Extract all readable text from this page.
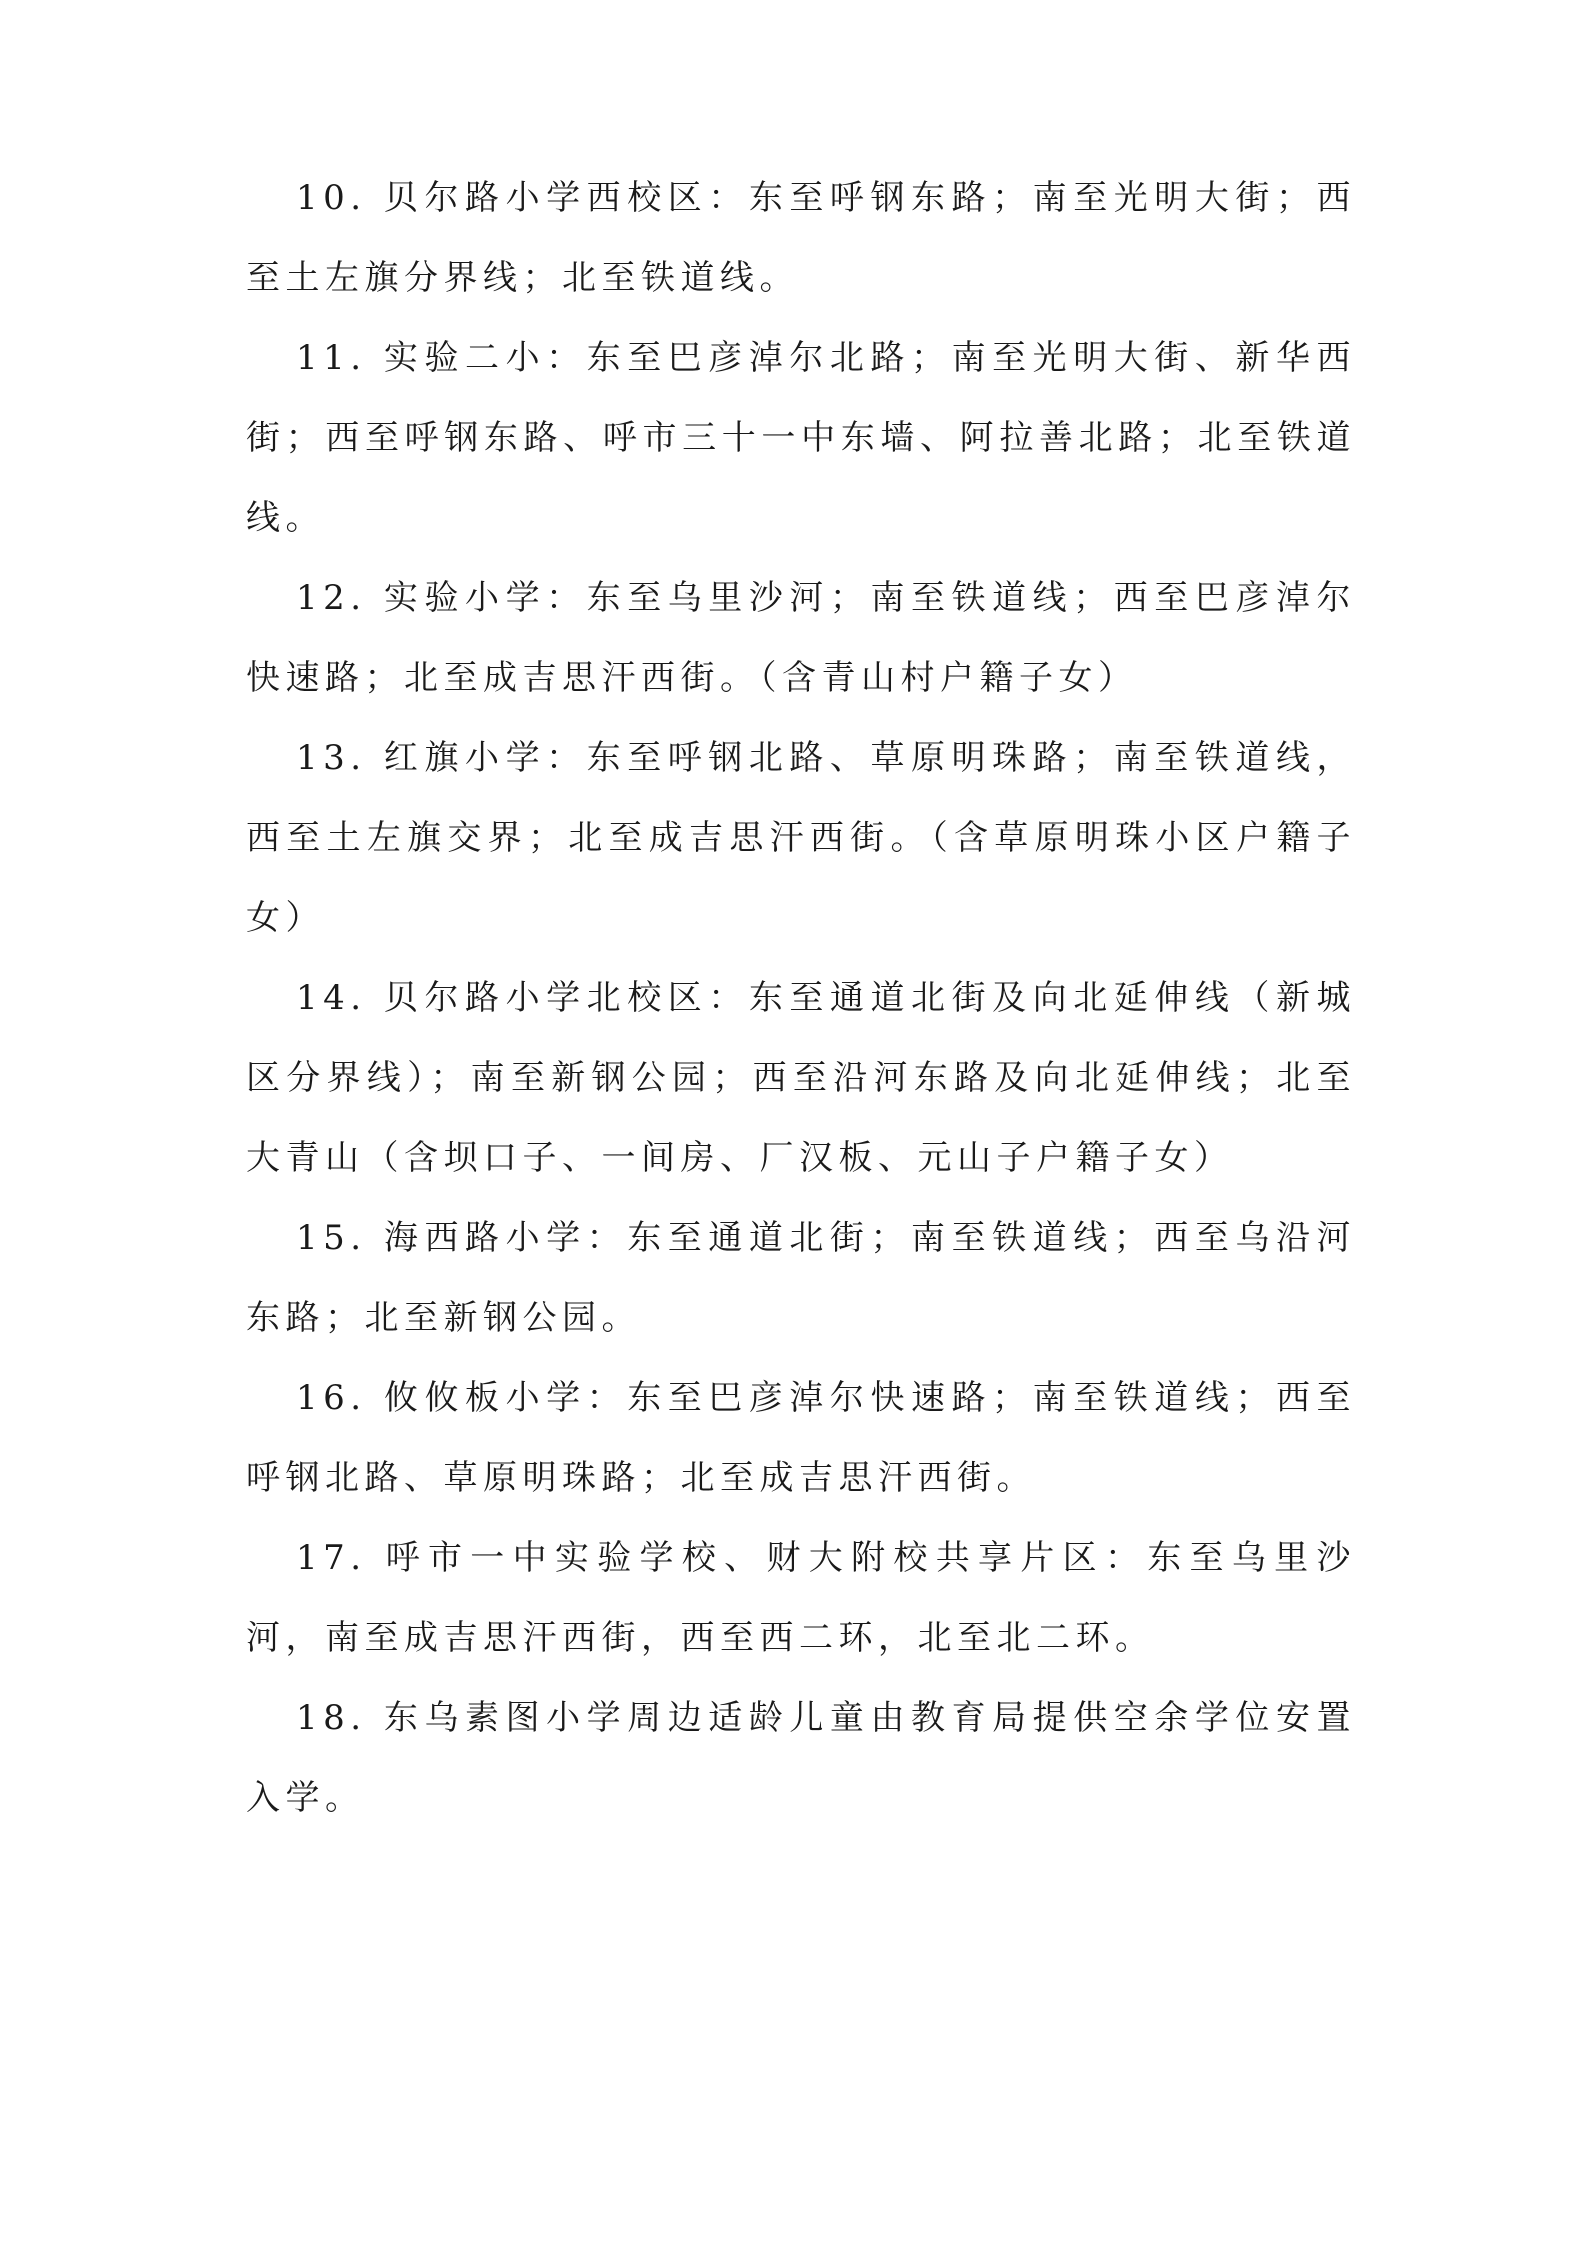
10. 贝尔路小学西校区：东至呼钢东路；南至光明大街；西至土左旗分界线；北至铁道线。

11. 实验二小：东至巴彦淖尔北路；南至光明大街、新华西街；西至呼钢东路、呼市三十一中东墙、阿拉善北路；北至铁道线。

12. 实验小学：东至乌里沙河；南至铁道线；西至巴彦淖尔快速路；北至成吉思汗西街。（含青山村户籍子女）

13. 红旗小学：东至呼钢北路、草原明珠路；南至铁道线，西至土左旗交界；北至成吉思汗西街。（含草原明珠小区户籍子女）

14. 贝尔路小学北校区：东至通道北街及向北延伸线（新城区分界线）；南至新钢公园；西至沿河东路及向北延伸线；北至大青山（含坝口子、一间房、厂汉板、元山子户籍子女）

15. 海西路小学：东至通道北街；南至铁道线；西至乌沿河东路；北至新钢公园。

16. 攸攸板小学：东至巴彦淖尔快速路；南至铁道线；西至呼钢北路、草原明珠路；北至成吉思汗西街。

17. 呼市一中实验学校、财大附校共享片区：东至乌里沙河，南至成吉思汗西街，西至西二环，北至北二环。

18. 东乌素图小学周边适龄儿童由教育局提供空余学位安置入学。
